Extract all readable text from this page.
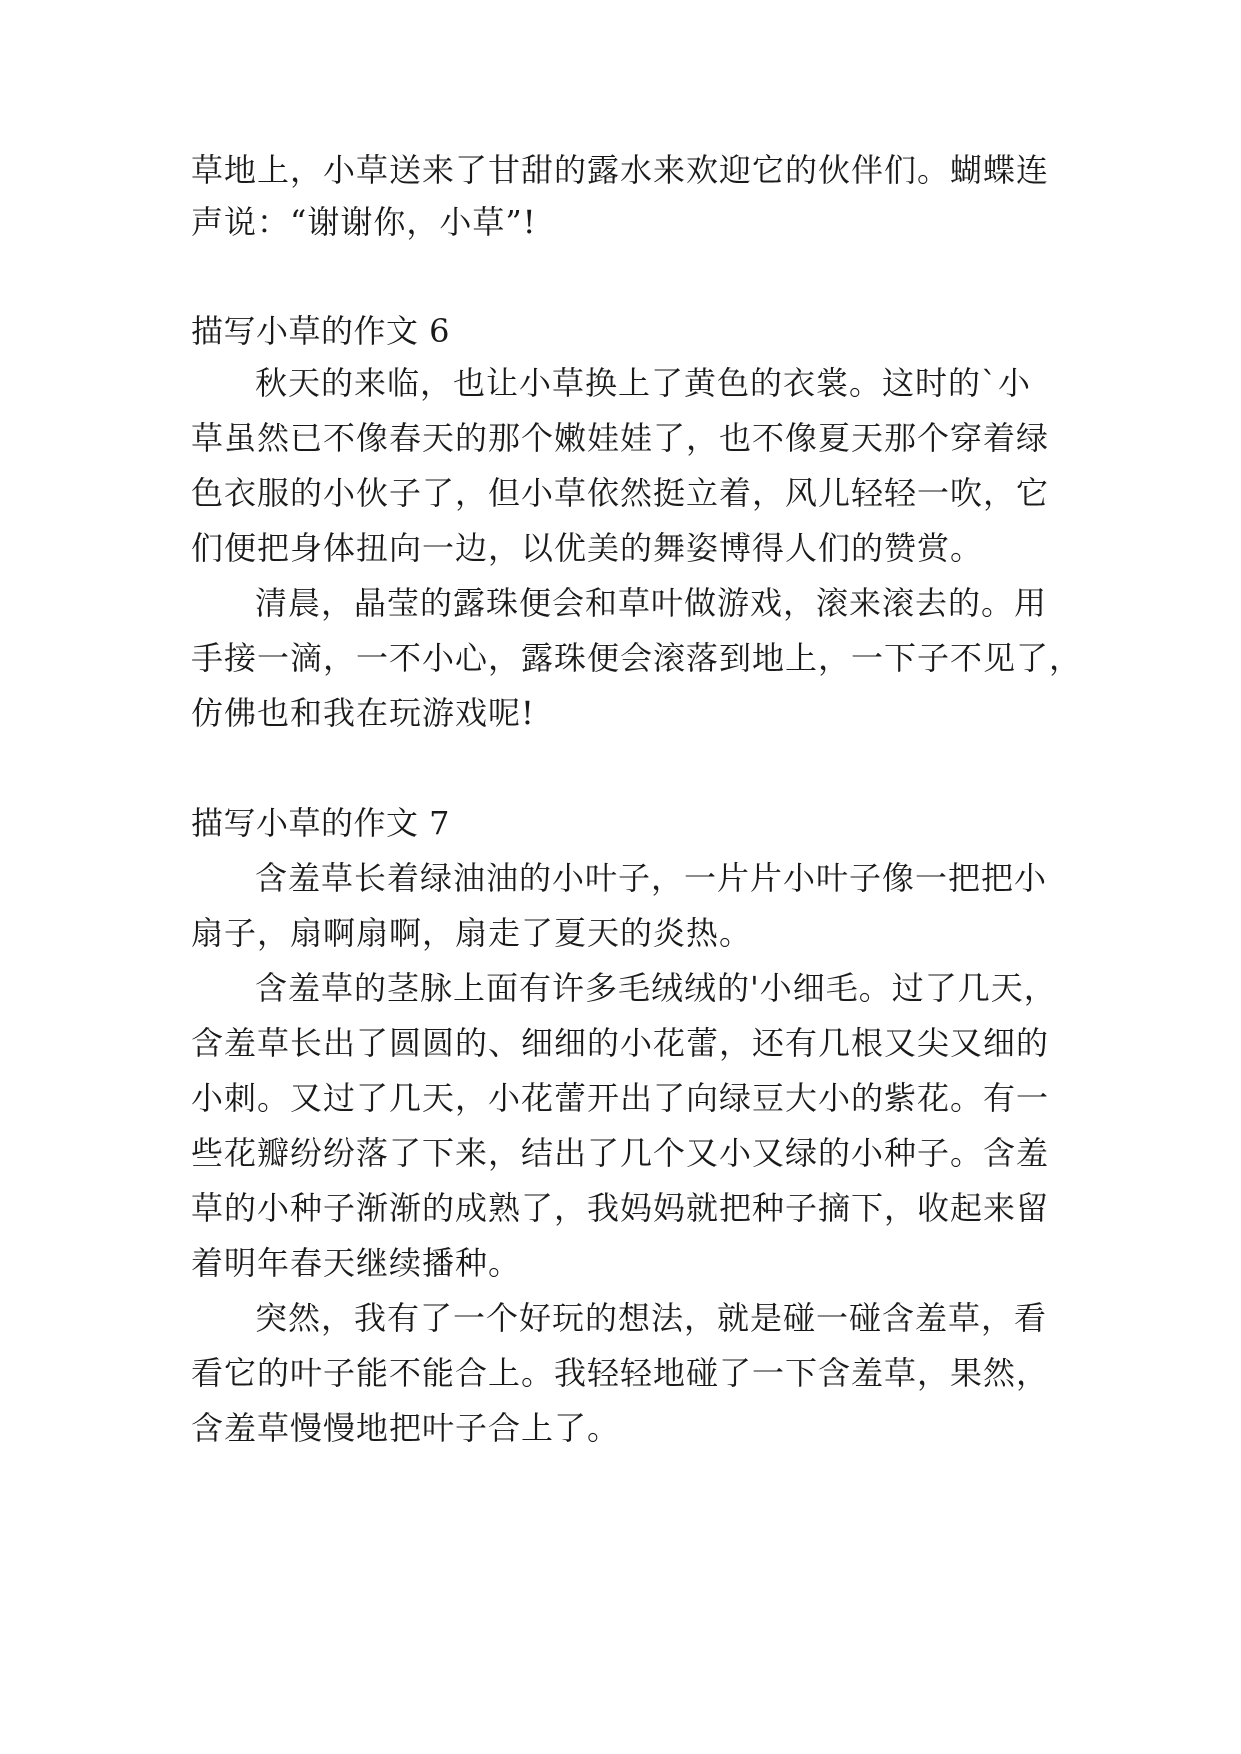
草地上，小草送来了甘甜的露水来欢迎它的伙伴们。蝴蝶连
声说：“谢谢你，小草”!
描写小草的作文 6
秋天的来临，也让小草换上了黄色的衣裳。这时的`小
草虽然已不像春天的那个嫩娃娃了，也不像夏天那个穿着绿
色衣服的小伙子了，但小草依然挺立着，风儿轻轻一吹，它
们便把身体扭向一边，以优美的舞姿博得人们的赞赏。
清晨，晶莹的露珠便会和草叶做游戏，滚来滚去的。用
手接一滴，一不小心，露珠便会滚落到地上，一下子不见了，
仿佛也和我在玩游戏呢!
描写小草的作文 7
含羞草长着绿油油的小叶子，一片片小叶子像一把把小
扇子，扇啊扇啊，扇走了夏天的炎热。
含羞草的茎脉上面有许多毛绒绒的'小细毛。过了几天，
含羞草长出了圆圆的、细细的小花蕾，还有几根又尖又细的
小刺。又过了几天，小花蕾开出了向绿豆大小的紫花。有一
些花瓣纷纷落了下来，结出了几个又小又绿的小种子。含羞
草的小种子渐渐的成熟了，我妈妈就把种子摘下，收起来留
着明年春天继续播种。
突然，我有了一个好玩的想法，就是碰一碰含羞草，看
看它的叶子能不能合上。我轻轻地碰了一下含羞草，果然，
含羞草慢慢地把叶子合上了。
